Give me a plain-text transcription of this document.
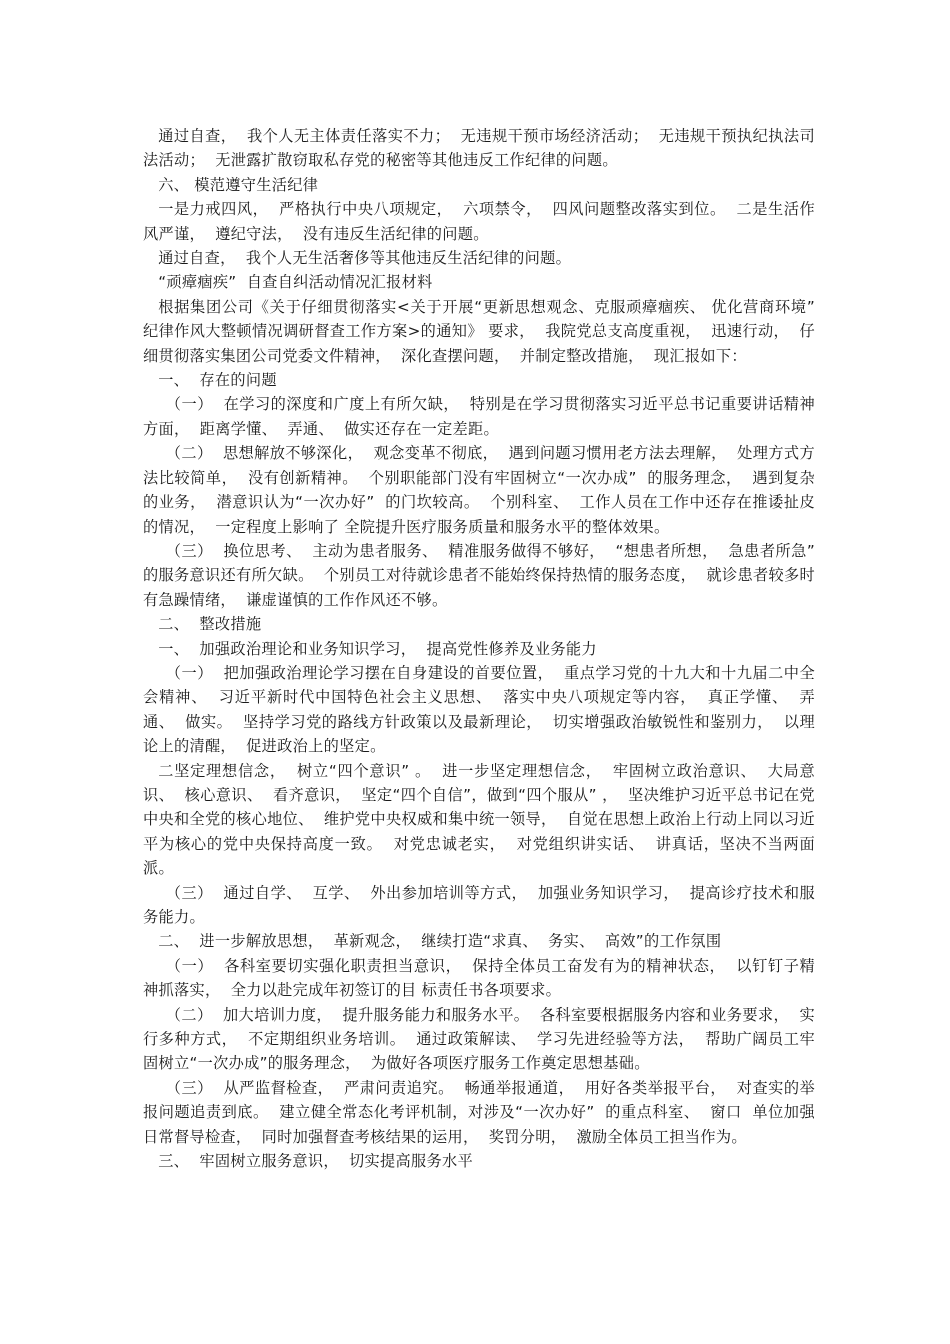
通过自查，  我个人无主体责任落实不力；  无违规干预市场经济活动；  无违规干预执纪执法司法活动；  无泄露扩散窃取私存党的秘密等其他违反工作纪律的问题。

六、 模范遵守生活纪律

一是力戒四风，  严格执行中央八项规定，  六项禁令，  四风问题整改落实到位。  二是生活作风严谨，  遵纪守法，  没有违反生活纪律的问题。

通过自查，  我个人无生活奢侈等其他违反生活纪律的问题。

“顽瘴痼疾”  自查自纠活动情况汇报材料

根据集团公司《关于仔细贯彻落实<关于开展“更新思想观念、克服顽瘴痼疾、 优化营商环境” 纪律作风大整顿情况调研督查工作方案>的通知》 要求，  我院党总支高度重视，  迅速行动，  仔细贯彻落实集团公司党委文件精神，  深化查摆问题，  并制定整改措施，  现汇报如下：

一、  存在的问题

（一）  在学习的深度和广度上有所欠缺，  特别是在学习贯彻落实习近平总书记重要讲话精神方面，  距离学懂、  弄通、  做实还存在一定差距。

（二）  思想解放不够深化，  观念变革不彻底，  遇到问题习惯用老方法去理解，  处理方式方法比较简单，  没有创新精神。  个别职能部门没有牢固树立“一次办成”  的服务理念，  遇到复杂的业务，  潜意识认为“一次办好”  的门坎较高。  个别科室、  工作人员在工作中还存在推诿扯皮的情况，  一定程度上影响了 全院提升医疗服务质量和服务水平的整体效果。

（三）  换位思考、  主动为患者服务、  精准服务做得不够好，  “想患者所想，  急患者所急”  的服务意识还有所欠缺。  个别员工对待就诊患者不能始终保持热情的服务态度，  就诊患者较多时有急躁情绪，  谦虚谨慎的工作作风还不够。

二、  整改措施

一、  加强政治理论和业务知识学习，  提高党性修养及业务能力

（一）  把加强政治理论学习摆在自身建设的首要位置，  重点学习党的十九大和十九届二中全会精神、  习近平新时代中国特色社会主义思想、  落实中央八项规定等内容，  真正学懂、  弄通、  做实。  坚持学习党的路线方针政策以及最新理论，  切实增强政治敏锐性和鉴别力，  以理论上的清醒，  促进政治上的坚定。

二坚定理想信念，  树立“四个意识” 。  进一步坚定理想信念，  牢固树立政治意识、  大局意识、  核心意识、  看齐意识，  坚定“四个自信”，做到“四个服从” ，  坚决维护习近平总书记在党中央和全党的核心地位、  维护党中央权威和集中统一领导，  自觉在思想上政治上行动上同以习近平为核心的党中央保持高度一致。  对党忠诚老实，  对党组织讲实话、  讲真话，坚决不当两面派。

（三）  通过自学、  互学、  外出参加培训等方式，  加强业务知识学习，  提高诊疗技术和服务能力。

二、  进一步解放思想，  革新观念，  继续打造“求真、  务实、  高效”的工作氛围

（一）  各科室要切实强化职责担当意识，  保持全体员工奋发有为的精神状态，  以钉钉子精神抓落实，  全力以赴完成年初签订的目 标责任书各项要求。

（二）  加大培训力度，  提升服务能力和服务水平。  各科室要根据服务内容和业务要求，  实行多种方式，  不定期组织业务培训。  通过政策解读、  学习先进经验等方法，  帮助广阔员工牢固树立“一次办成”的服务理念，  为做好各项医疗服务工作奠定思想基础。

（三）  从严监督检查，  严肃问责追究。  畅通举报通道，  用好各类举报平台，  对查实的举报问题追责到底。  建立健全常态化考评机制，对涉及“一次办好”  的重点科室、  窗口  单位加强日常督导检查，  同时加强督查考核结果的运用，  奖罚分明，  激励全体员工担当作为。

三、  牢固树立服务意识，  切实提高服务水平
